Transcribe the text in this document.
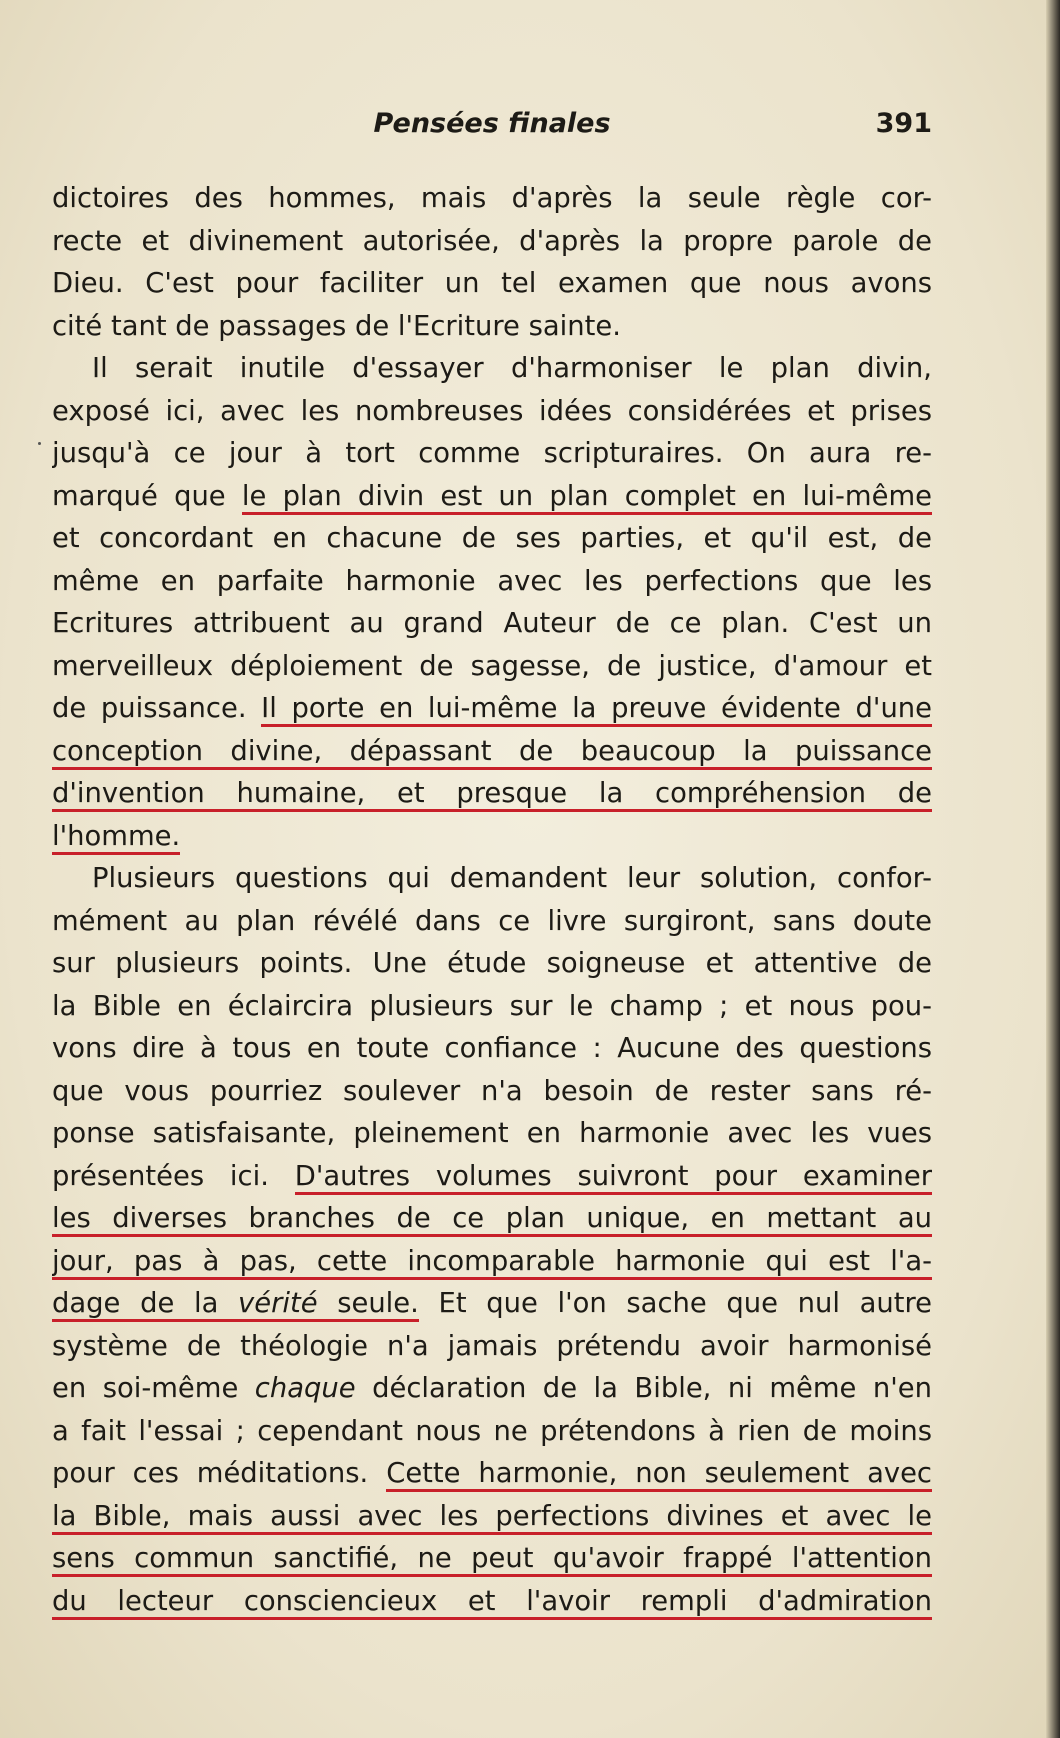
Pensées finales	391
dictoires des hommes, mais d'après la seule règle cor-
recte et divinement autorisée, d'après la propre parole de
Dieu. C'est pour faciliter un tel examen que nous avons
cité tant de passages de l'Ecriture sainte.
Il serait inutile d'essayer d'harmoniser le plan divin,
exposé ici, avec les nombreuses idées considérées et prises
jusqu'à ce jour à tort comme scripturaires. On aura re-
marqué que le plan divin est un plan complet en lui-même
et concordant en chacune de ses parties, et qu'il est, de
même en parfaite harmonie avec les perfections que les
Ecritures attribuent au grand Auteur de ce plan. C'est un
merveilleux déploiement de sagesse, de justice, d'amour et
de puissance. Il porte en lui-même la preuve évidente d'une
conception divine, dépassant de beaucoup la puissance
d'invention humaine, et presque la compréhension de
l'homme.
Plusieurs questions qui demandent leur solution, confor-
mément au plan révélé dans ce livre surgiront, sans doute
sur plusieurs points. Une étude soigneuse et attentive de
la Bible en éclaircira plusieurs sur le champ ; et nous pou-
vons dire à tous en toute confiance : Aucune des questions
que vous pourriez soulever n'a besoin de rester sans ré-
ponse satisfaisante, pleinement en harmonie avec les vues
présentées ici. D'autres volumes suivront pour examiner
les diverses branches de ce plan unique, en mettant au
jour, pas à pas, cette incomparable harmonie qui est l'a-
dage de la vérité seule. Et que l'on sache que nul autre
système de théologie n'a jamais prétendu avoir harmonisé
en soi-même chaque déclaration de la Bible, ni même n'en
a fait l'essai ; cependant nous ne prétendons à rien de moins
pour ces méditations. Cette harmonie, non seulement avec
la Bible, mais aussi avec les perfections divines et avec le
sens commun sanctifié, ne peut qu'avoir frappé l'attention
du lecteur consciencieux et l'avoir rempli d'admiration
